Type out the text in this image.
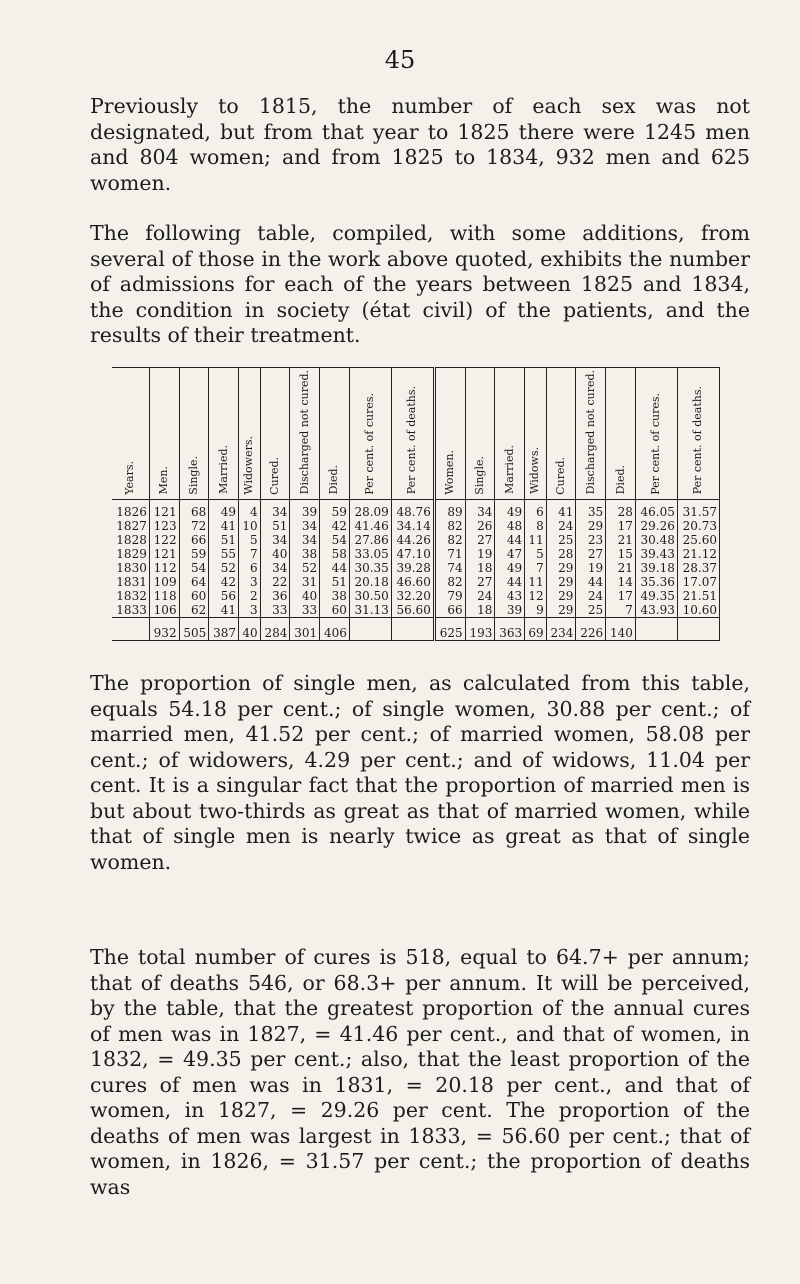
45

Previously to 1815, the number of each sex was not designated, but from that year to 1825 there were 1245 men and 804 women; and from 1825 to 1834, 932 men and 625 women.

The following table, compiled, with some additions, from several of those in the work above quoted, exhibits the number of admissions for each of the years between 1825 and 1834, the condition in society (état civil) of the patients, and the results of their treatment.

Years.	Men.	Single.	Married.	Widowers.	Cured.	Discharged not cured.	Died.	Per cent. of cures.	Per cent. of deaths.	Women.	Single.	Married.	Widows.	Cured.	Discharged not cured.	Died.	Per cent. of cures.	Per cent. of deaths.
1826	121	68	49	4	34	39	59	28.09	48.76	89	34	49	6	41	35	28	46.05	31.57
1827	123	72	41	10	51	34	42	41.46	34.14	82	26	48	8	24	29	17	29.26	20.73
1828	122	66	51	5	34	34	54	27.86	44.26	82	27	44	11	25	23	21	30.48	25.60
1829	121	59	55	7	40	38	58	33.05	47.10	71	19	47	5	28	27	15	39.43	21.12
1830	112	54	52	6	34	52	44	30.35	39.28	74	18	49	7	29	19	21	39.18	28.37
1831	109	64	42	3	22	31	51	20.18	46.60	82	27	44	11	29	44	14	35.36	17.07
1832	118	60	56	2	36	40	38	30.50	32.20	79	24	43	12	29	24	17	49.35	21.51
1833	106	62	41	3	33	33	60	31.13	56.60	66	18	39	9	29	25	7	43.93	10.60
	932	505	387	40	284	301	406			625	193	363	69	234	226	140		

The proportion of single men, as calculated from this table, equals 54.18 per cent.; of single women, 30.88 per cent.; of married men, 41.52 per cent.; of married women, 58.08 per cent.; of widowers, 4.29 per cent.; and of widows, 11.04 per cent. It is a singular fact that the proportion of married men is but about two-thirds as great as that of married women, while that of single men is nearly twice as great as that of single women.

The total number of cures is 518, equal to 64.7+ per annum; that of deaths 546, or 68.3+ per annum. It will be perceived, by the table, that the greatest proportion of the annual cures of men was in 1827, = 41.46 per cent., and that of women, in 1832, = 49.35 per cent.; also, that the least proportion of the cures of men was in 1831, = 20.18 per cent., and that of women, in 1827, = 29.26 per cent. The proportion of the deaths of men was largest in 1833, = 56.60 per cent.; that of women, in 1826, = 31.57 per cent.; the proportion of deaths was
